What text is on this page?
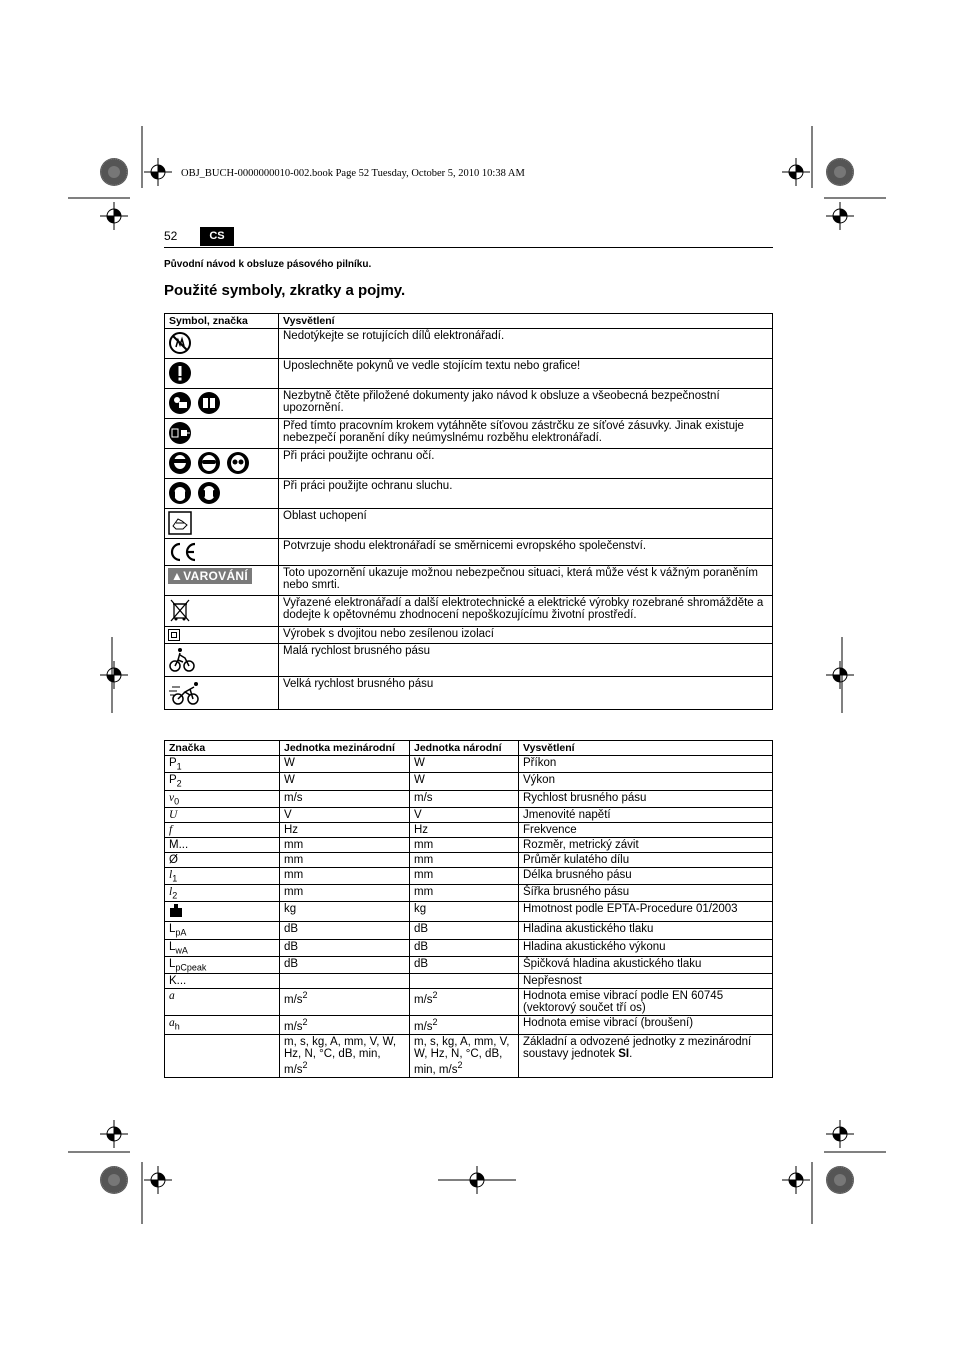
OBJ_BUCH-0000000010-002.book Page 52 Tuesday, October 5, 2010 10:38 AM
52	CS
Původní návod k obsluze pásového pilníku.
Použité symboly, zkratky a pojmy.
Symbol, značka	Vysvětlení
	Nedotýkejte se rotujících dílů elektronářadí.
	Uposlechněte pokynů ve vedle stojícím textu nebo grafice!
	Nezbytně čtěte přiložené dokumenty jako návod k obsluze a všeobecná bezpečnostní upozornění.
	Před tímto pracovním krokem vytáhněte síťovou zástrčku ze síťové zásuvky. Jinak existuje nebezpečí poranění díky neúmyslnému rozběhu elektronářadí.
	Při práci použijte ochranu očí.
	Při práci použijte ochranu sluchu.
	Oblast uchopení
	Potvrzuje shodu elektronářadí se směrnicemi evropského společenství.
▲VAROVÁNÍ	Toto upozornění ukazuje možnou nebezpečnou situaci, která může vést k vážným poraněním nebo smrti.
	Vyřazené elektronářadí a další elektrotechnické a elektrické výrobky rozebrané shromážděte a dodejte k opětovnému zhodnocení nepoškozujícímu životní prostředí.
	Výrobek s dvojitou nebo zesílenou izolací
	Malá rychlost brusného pásu
	Velká rychlost brusného pásu
Značka	Jednotka mezinárodní	Jednotka národní	Vysvětlení
$P_1$	W	W	Příkon
$P_2$	W	W	Výkon
$v_0$	m/s	m/s	Rychlost brusného pásu
U	V	V	Jmenovité napětí
f	Hz	Hz	Frekvence
M...	mm	mm	Rozměr, metrický závit
Ø	mm	mm	Průměr kulatého dílu
$l_1$	mm	mm	Délka brusného pásu
$l_2$	mm	mm	Šířka brusného pásu
	kg	kg	Hmotnost podle EPTA-Procedure 01/2003
$L_{pA}$	dB	dB	Hladina akustického tlaku
$L_{wA}$	dB	dB	Hladina akustického výkonu
$L_{pCpeak}$	dB	dB	Špičková hladina akustického tlaku
K...			Nepřesnost
a	$m/s^2$	$m/s^2$	Hodnota emise vibrací podle EN 60745 (vektorový součet tří os)
$a_h$	$m/s^2$	$m/s^2$	Hodnota emise vibrací (broušení)
	m, s, kg, A, mm, V, W, Hz, N, °C, dB, min, $m/s^2$	m, s, kg, A, mm, V, W, Hz, N, °C, dB, min, $m/s^2$	Základní a odvozené jednotky z mezinárodní soustavy jednotek SI.
